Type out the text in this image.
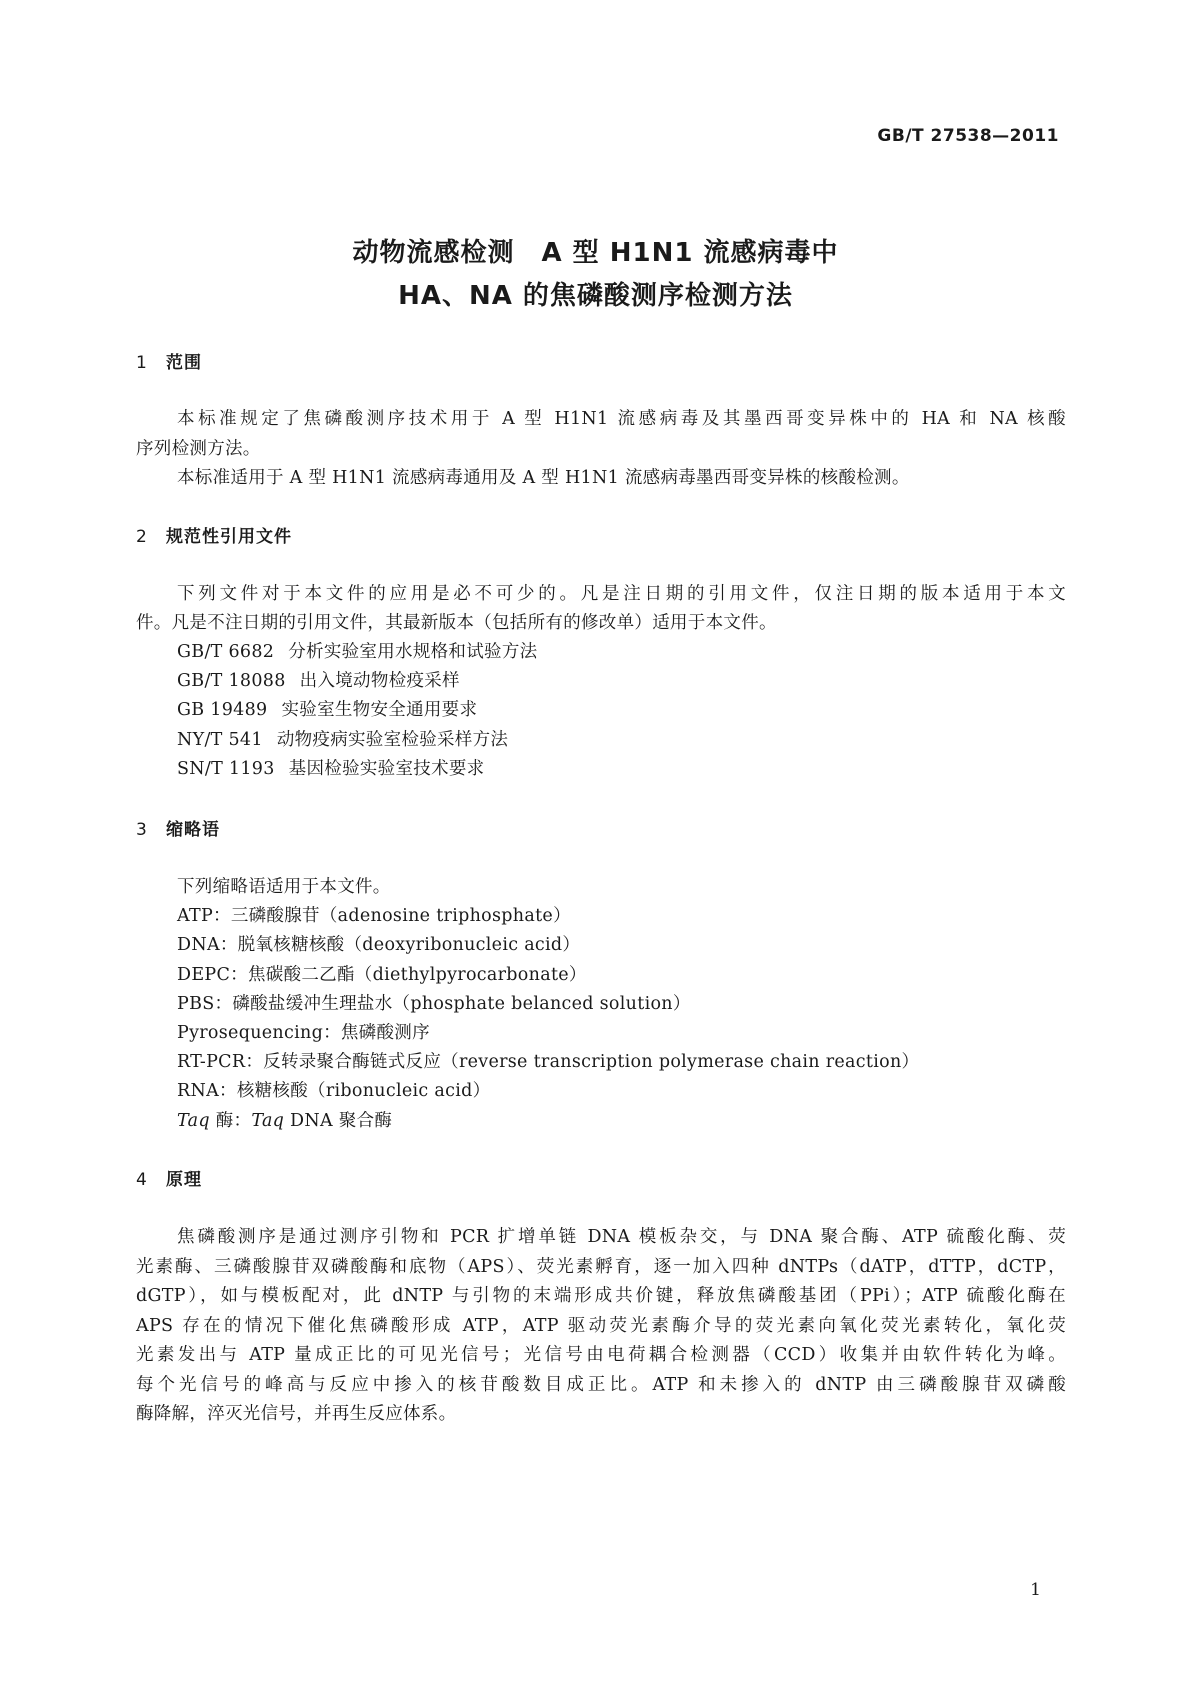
GB/T 27538—2011
动物流感检测　A 型 H1N1 流感病毒中
HA、NA 的焦磷酸测序检测方法
1 范围
本标准规定了焦磷酸测序技术用于 A 型 H1N1 流感病毒及其墨西哥变异株中的 HA 和 NA 核酸
序列检测方法。
本标准适用于 A 型 H1N1 流感病毒通用及 A 型 H1N1 流感病毒墨西哥变异株的核酸检测。
2 规范性引用文件
下列文件对于本文件的应用是必不可少的。凡是注日期的引用文件，仅注日期的版本适用于本文
件。凡是不注日期的引用文件，其最新版本（包括所有的修改单）适用于本文件。
GB/T 6682 分析实验室用水规格和试验方法
GB/T 18088 出入境动物检疫采样
GB 19489 实验室生物安全通用要求
NY/T 541 动物疫病实验室检验采样方法
SN/T 1193 基因检验实验室技术要求
3 缩略语
下列缩略语适用于本文件。
ATP：三磷酸腺苷（adenosine triphosphate）
DNA：脱氧核糖核酸（deoxyribonucleic acid）
DEPC：焦碳酸二乙酯（diethylpyrocarbonate）
PBS：磷酸盐缓冲生理盐水（phosphate belanced solution）
Pyrosequencing：焦磷酸测序
RT-PCR：反转录聚合酶链式反应（reverse transcription polymerase chain reaction）
RNA：核糖核酸（ribonucleic acid）
Taq 酶：Taq DNA 聚合酶
4 原理
焦磷酸测序是通过测序引物和 PCR 扩增单链 DNA 模板杂交，与 DNA 聚合酶、ATP 硫酸化酶、荧
光素酶、三磷酸腺苷双磷酸酶和底物（APS）、荧光素孵育，逐一加入四种 dNTPs（dATP，dTTP，dCTP，
dGTP），如与模板配对，此 dNTP 与引物的末端形成共价键，释放焦磷酸基团（PPi）；ATP 硫酸化酶在
APS 存在的情况下催化焦磷酸形成 ATP，ATP 驱动荧光素酶介导的荧光素向氧化荧光素转化，氧化荧
光素发出与 ATP 量成正比的可见光信号；光信号由电荷耦合检测器（CCD）收集并由软件转化为峰。
每个光信号的峰高与反应中掺入的核苷酸数目成正比。ATP 和未掺入的 dNTP 由三磷酸腺苷双磷酸
酶降解，淬灭光信号，并再生反应体系。
1
